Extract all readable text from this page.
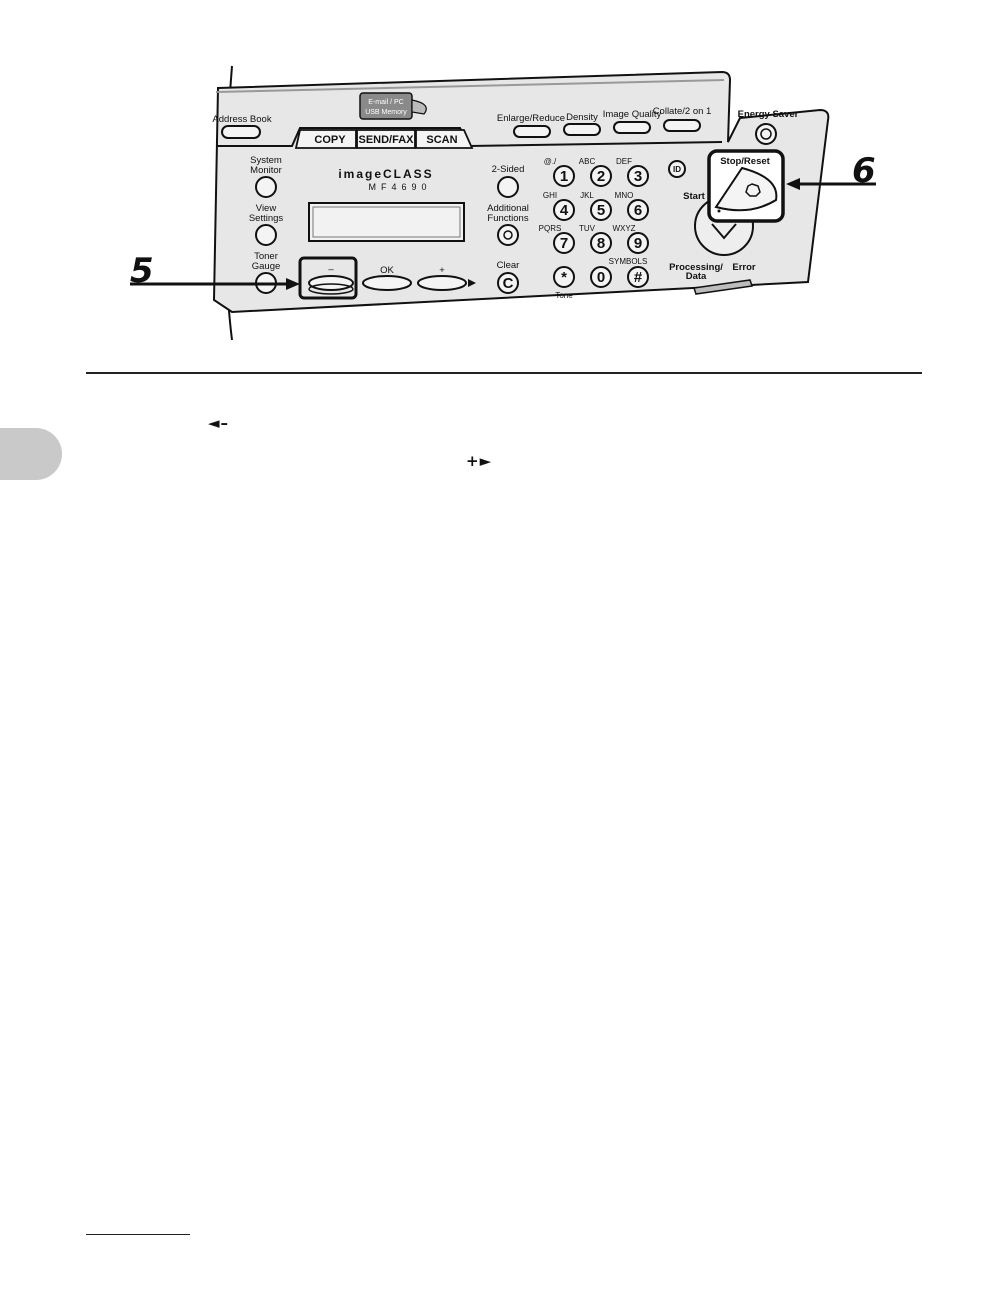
Address Book
E-mail / PC
USB Memory
COPY SEND/FAX SCAN
Enlarge/Reduce Density Image Quality
Collate/2 on 1	Energy Saver
System
Monitor
View
Settings
Toner
Gauge
imageCLASS
MF4690
–	OK	+
2-Sided
Additional
Functions
Clear
C
1
@./
2
ABC
3
DEF
4
GHI
5
JKL
6
MNO
7
PQRS
8
TUV
9
WXYZ
*
Tone
0 #
SYMBOLS
ID
Start
Stop/Reset
Processing/
Data
Error
5
6
◄–
+►
